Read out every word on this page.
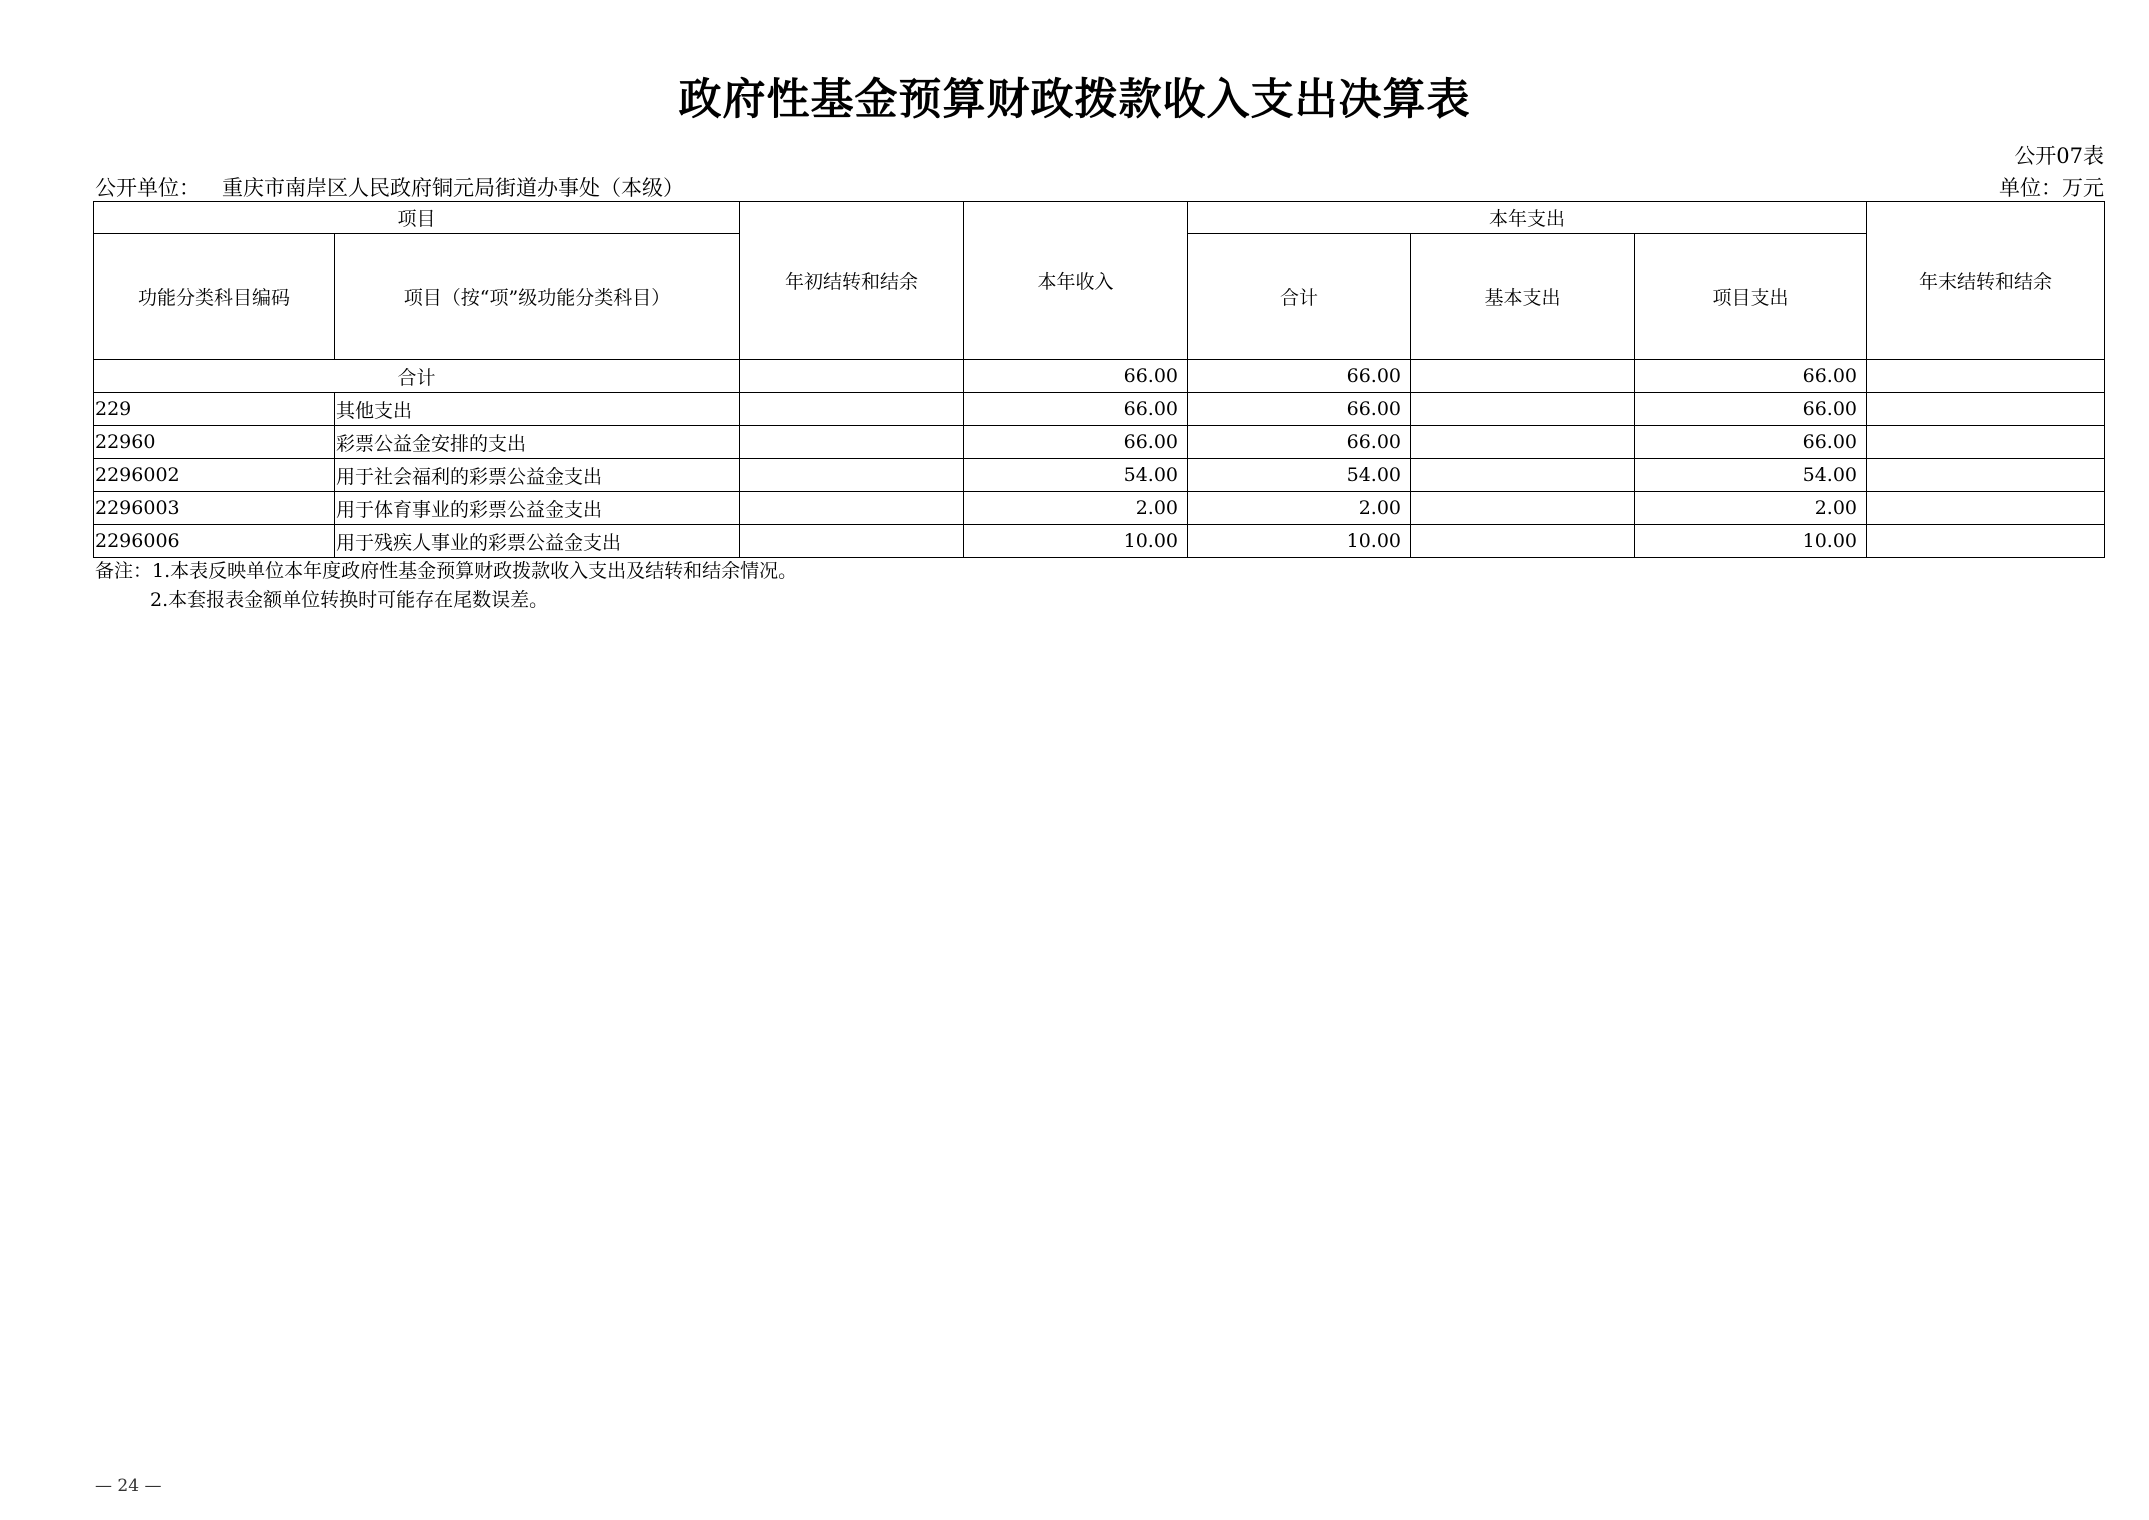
政府性基金预算财政拨款收入支出决算表
公开07表
公开单位： 重庆市南岸区人民政府铜元局街道办事处（本级）	单位：万元
项目		年初结转和结余	本年收入	本年支出			年末结转和结余
功能分类科目编码	项目（按“项”级功能分类科目）			合计	基本支出	项目支出	
合计			66.00	66.00		66.00	
229	其他支出		66.00	66.00		66.00	
22960	彩票公益金安排的支出		66.00	66.00		66.00	
2296002	用于社会福利的彩票公益金支出		54.00	54.00		54.00	
2296003	用于体育事业的彩票公益金支出		2.00	2.00		2.00	
2296006	用于残疾人事业的彩票公益金支出		10.00	10.00		10.00	
备注：1.本表反映单位本年度政府性基金预算财政拨款收入支出及结转和结余情况。
2.本套报表金额单位转换时可能存在尾数误差。
— 24 —
